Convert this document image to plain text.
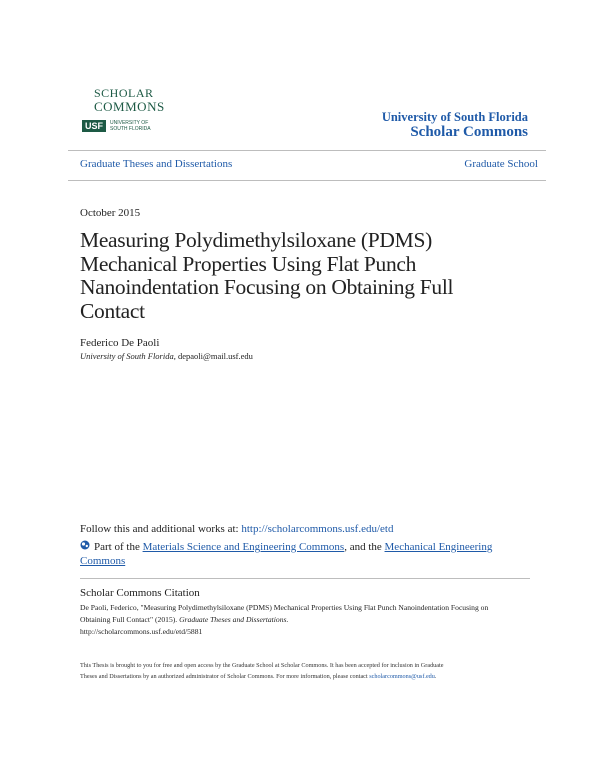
SCHOLAR
COMMONS
USF	UNIVERSITY OF SOUTH FLORIDA
University of South Florida
Scholar Commons
Graduate Theses and Dissertations	Graduate School
October 2015
Measuring Polydimethylsiloxane (PDMS) Mechanical Properties Using Flat Punch Nanoindentation Focusing on Obtaining Full Contact
Federico De Paoli
University of South Florida, depaoli@mail.usf.edu
Follow this and additional works at: http://scholarcommons.usf.edu/etd
Part of the Materials Science and Engineering Commons, and the Mechanical Engineering
Commons
Scholar Commons Citation
De Paoli, Federico, "Measuring Polydimethylsiloxane (PDMS) Mechanical Properties Using Flat Punch Nanoindentation Focusing on
Obtaining Full Contact" (2015). Graduate Theses and Dissertations.
http://scholarcommons.usf.edu/etd/5881
This Thesis is brought to you for free and open access by the Graduate School at Scholar Commons. It has been accepted for inclusion in Graduate
Theses and Dissertations by an authorized administrator of Scholar Commons. For more information, please contact scholarcommons@usf.edu.
